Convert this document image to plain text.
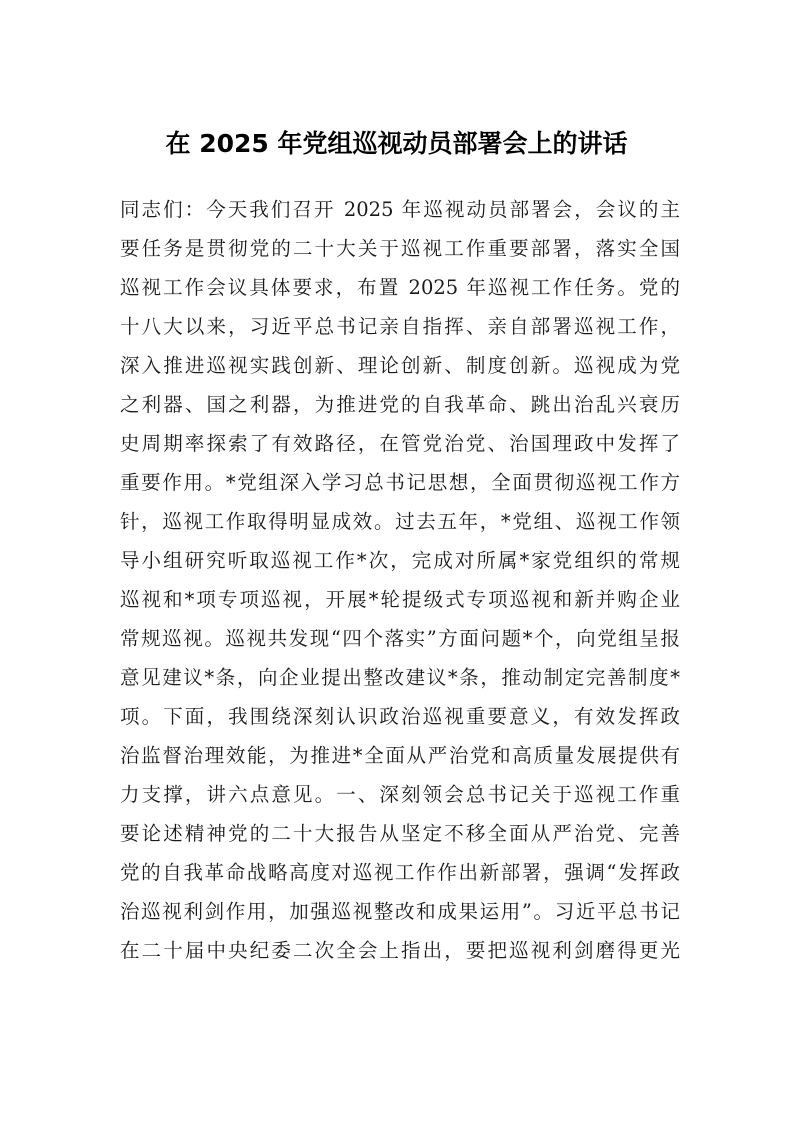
在 2025 年党组巡视动员部署会上的讲话
同志们：今天我们召开 2025 年巡视动员部署会，会议的主
要任务是贯彻党的二十大关于巡视工作重要部署，落实全国
巡视工作会议具体要求，布置 2025 年巡视工作任务。党的
十八大以来，习近平总书记亲自指挥、亲自部署巡视工作，
深入推进巡视实践创新、理论创新、制度创新。巡视成为党
之利器、国之利器，为推进党的自我革命、跳出治乱兴衰历
史周期率探索了有效路径，在管党治党、治国理政中发挥了
重要作用。*党组深入学习总书记思想，全面贯彻巡视工作方
针，巡视工作取得明显成效。过去五年，*党组、巡视工作领
导小组研究听取巡视工作*次，完成对所属*家党组织的常规
巡视和*项专项巡视，开展*轮提级式专项巡视和新并购企业
常规巡视。巡视共发现“四个落实”方面问题*个，向党组呈报
意见建议*条，向企业提出整改建议*条，推动制定完善制度*
项。下面，我围绕深刻认识政治巡视重要意义，有效发挥政
治监督治理效能，为推进*全面从严治党和高质量发展提供有
力支撑，讲六点意见。一、深刻领会总书记关于巡视工作重
要论述精神党的二十大报告从坚定不移全面从严治党、完善
党的自我革命战略高度对巡视工作作出新部署，强调“发挥政
治巡视利剑作用，加强巡视整改和成果运用”。习近平总书记
在二十届中央纪委二次全会上指出，要把巡视利剑磨得更光
